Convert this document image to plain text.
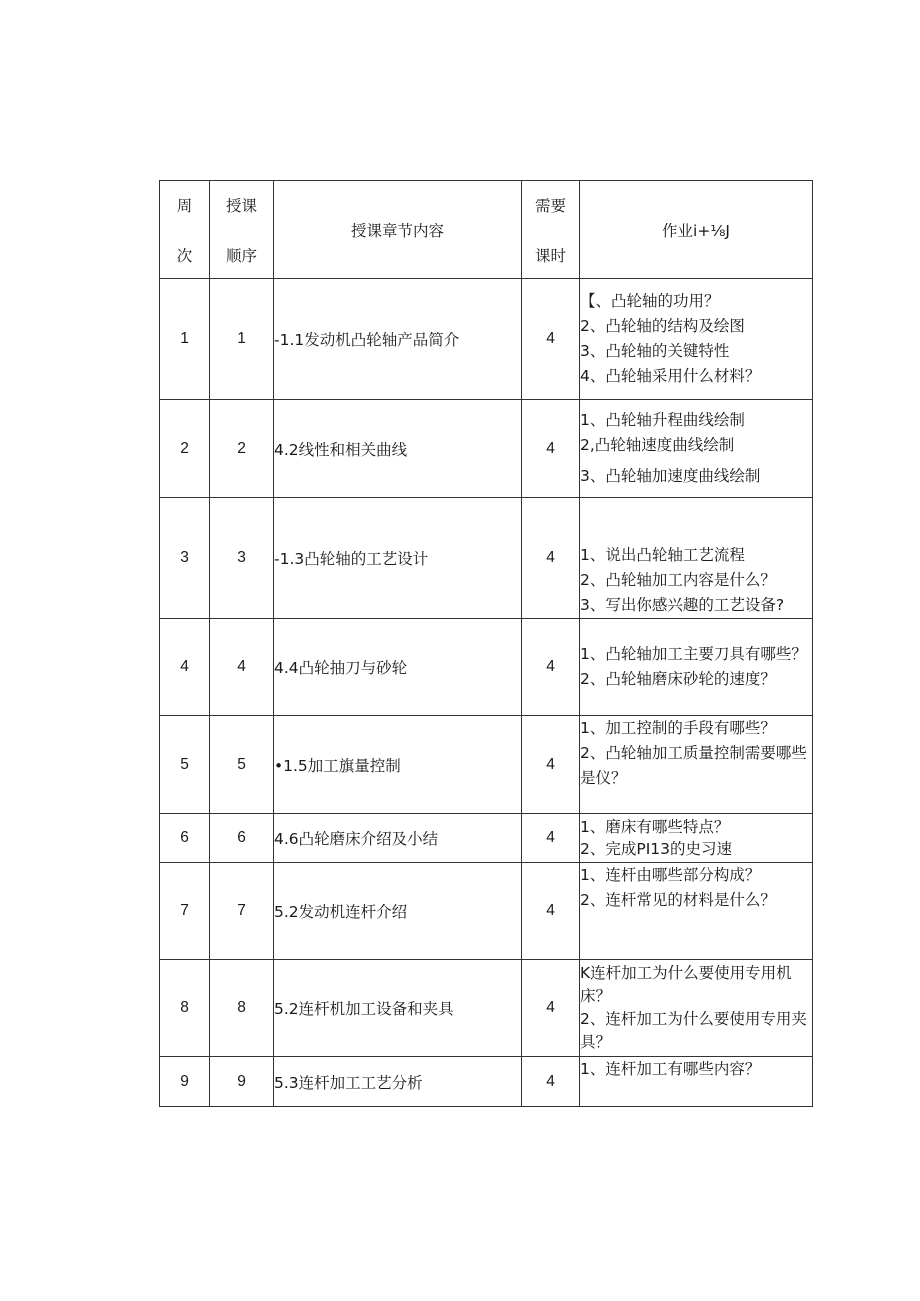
周
次	授课
顺序	授课章节内容	需要
课时	作业i+⅛J
1	1	-1.1发动机凸轮轴产品简介	4	【、凸轮轴的功用？
2、凸轮轴的结构及绘图
3、凸轮轴的关键特性
4、凸轮轴采用什么材料？

2	2	4.2线性和相关曲线	4	1、凸轮轴升程曲线绘制
2,凸轮轴速度曲线绘制
3、凸轮轴加速度曲线绘制

3	3	-1.3凸轮轴的工艺设计	4	1、说出凸轮轴工艺流程
2、凸轮轴加工内容是什么？
3、写出你感兴趣的工艺设备?

4	4	4.4凸轮抽刀与砂轮	4	1、凸轮轴加工主要刀具有哪些？
2、凸轮轴磨床砂轮的速度？

5	5	•1.5加工旗量控制	4	1、加工控制的手段有哪些？
2、凸轮轴加工质量控制需要哪些是仪？

6	6	4.6凸轮磨床介绍及小结	4	1、磨床有哪些特点？
2、完成PI13的史习速

7	7	5.2发动机连杆介绍	4	1、连杆由哪些部分构成？
2、连杆常见的材料是什么？

8	8	5.2连杆机加工设备和夹具	4	K连杆加工为什么要使用专用机床？
2、连杆加工为什么要使用专用夹具？

9	9	5.3连杆加工工艺分析	4	1、连杆加工有哪些内容？
